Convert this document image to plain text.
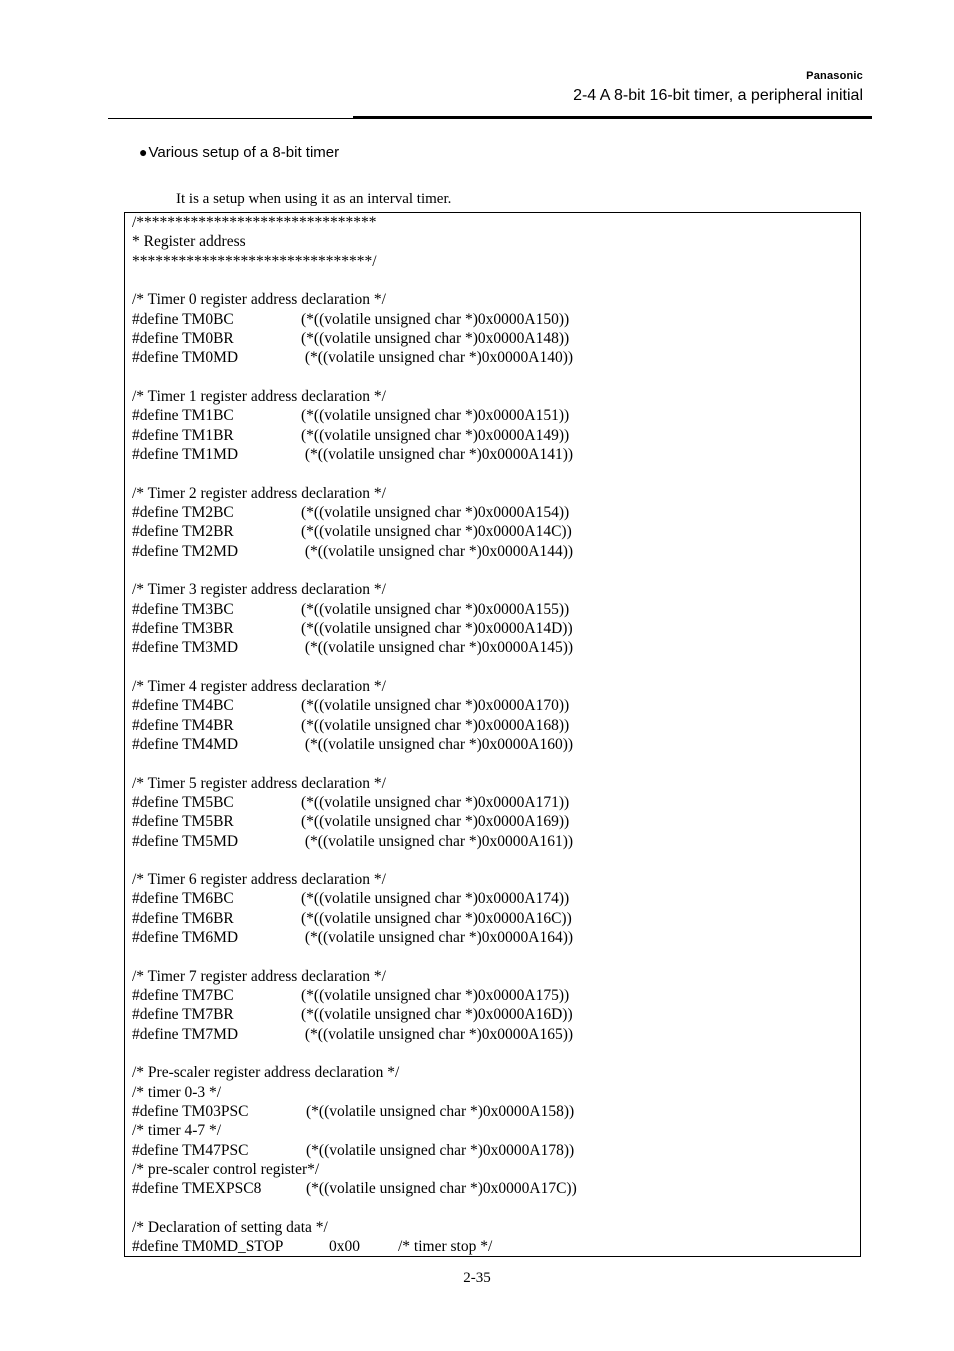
Panasonic
2-4 A 8-bit 16-bit timer, a peripheral initial
●Various setup of a 8-bit timer
It is a setup when using it as an interval timer.
/*******************************
* Register address
*******************************/
/* Timer 0 register address declaration */
#define TM0BC	(*((volatile unsigned char *)0x0000A150))
#define TM0BR	(*((volatile unsigned char *)0x0000A148))
#define TM0MD	(*((volatile unsigned char *)0x0000A140))
/* Timer 1 register address declaration */
#define TM1BC	(*((volatile unsigned char *)0x0000A151))
#define TM1BR	(*((volatile unsigned char *)0x0000A149))
#define TM1MD	(*((volatile unsigned char *)0x0000A141))
/* Timer 2 register address declaration */
#define TM2BC	(*((volatile unsigned char *)0x0000A154))
#define TM2BR	(*((volatile unsigned char *)0x0000A14C))
#define TM2MD	(*((volatile unsigned char *)0x0000A144))
/* Timer 3 register address declaration */
#define TM3BC	(*((volatile unsigned char *)0x0000A155))
#define TM3BR	(*((volatile unsigned char *)0x0000A14D))
#define TM3MD	(*((volatile unsigned char *)0x0000A145))
/* Timer 4 register address declaration */
#define TM4BC	(*((volatile unsigned char *)0x0000A170))
#define TM4BR	(*((volatile unsigned char *)0x0000A168))
#define TM4MD	(*((volatile unsigned char *)0x0000A160))
/* Timer 5 register address declaration */
#define TM5BC	(*((volatile unsigned char *)0x0000A171))
#define TM5BR	(*((volatile unsigned char *)0x0000A169))
#define TM5MD	(*((volatile unsigned char *)0x0000A161))
/* Timer 6 register address declaration */
#define TM6BC	(*((volatile unsigned char *)0x0000A174))
#define TM6BR	(*((volatile unsigned char *)0x0000A16C))
#define TM6MD	(*((volatile unsigned char *)0x0000A164))
/* Timer 7 register address declaration */
#define TM7BC	(*((volatile unsigned char *)0x0000A175))
#define TM7BR	(*((volatile unsigned char *)0x0000A16D))
#define TM7MD	(*((volatile unsigned char *)0x0000A165))
/* Pre-scaler register address declaration */
/* timer 0-3 */
#define TM03PSC	(*((volatile unsigned char *)0x0000A158))
/* timer 4-7 */
#define TM47PSC	(*((volatile unsigned char *)0x0000A178))
/* pre-scaler control register*/
#define TMEXPSC8	(*((volatile unsigned char *)0x0000A17C))
/* Declaration of setting data */
#define TM0MD_STOP	0x00 /* timer stop */
2-35
